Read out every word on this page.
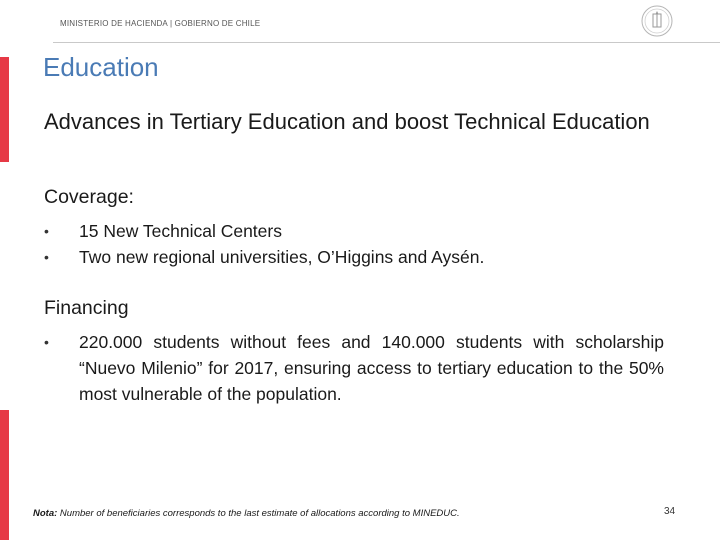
MINISTERIO DE HACIENDA | GOBIERNO DE CHILE
Education
Advances in Tertiary Education and boost Technical Education
Coverage:
• 15 New Technical Centers
• Two new regional universities, O’Higgins and Aysén.
Financing
• 220.000 students without fees and 140.000 students with scholarship “Nuevo Milenio” for 2017, ensuring access to tertiary education to the 50% most vulnerable of the population.
Nota: Number of beneficiaries corresponds to the last estimate of allocations according to MINEDUC.	34
